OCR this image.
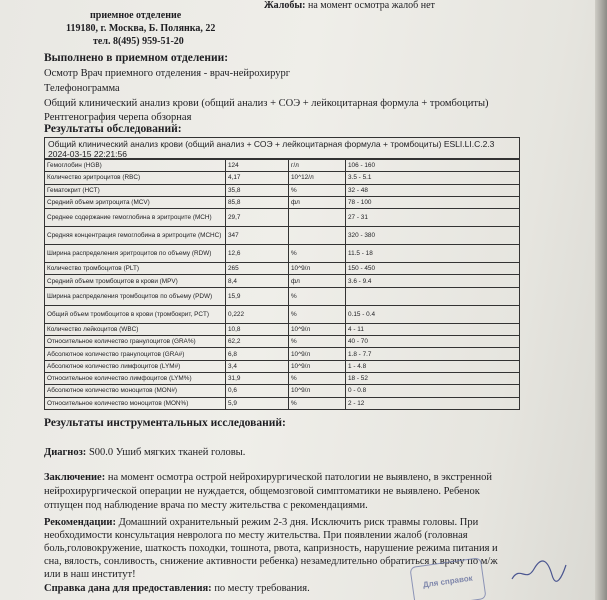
приемное отделение
119180, г. Москва, Б. Полянка, 22
тел. 8(495) 959-51-20
Жалобы: на момент осмотра жалоб нет
Выполнено в приемном отделении:
Осмотр Врач приемного отделения - врач-нейрохирург
Телефонограмма
Общий клинический анализ крови (общий анализ + СОЭ + лейкоцитарная формула + тромбоциты)
Рентгенография черепа обзорная
Результаты обследований:
Общий клинический анализ крови (общий анализ + СОЭ + лейкоцитарная формула + тромбоциты) ESLI.LI.C.2.3
2024-03-15 22:21:56
Гемоглобин (HGB)	124	г/л	106 - 160
Количество эритроцитов (RBC)	4,17	10^12/л	3.5 - 5.1
Гематокрит (HCT)	35,8	%	32 - 48
Средний объем эритроцита (MCV)	85,8	фл	78 - 100
Среднее содержание гемоглобина в эритроците (MCH)	29,7		27 - 31
Средняя концентрация гемоглобина в эритроците (MCHC)	347		320 - 380
Ширина распределения эритроцитов по объему (RDW)	12,6	%	11.5 - 18
Количество тромбоцитов (PLT)	265	10^9/л	150 - 450
Средний объем тромбоцитов в крови (MPV)	8,4	фл	3.6 - 9.4
Ширина распределения тромбоцитов по объему (PDW)	15,9	%	
Общий объем тромбоцитов в крови (тромбокрит, PCT)	0,222	%	0.15 - 0.4
Количество лейкоцитов (WBC)	10,8	10^9/л	4 - 11
Относительное количество гранулоцитов (GRA%)	62,2	%	40 - 70
Абсолютное количество гранулоцитов (GRA#)	6,8	10^9/л	1.8 - 7.7
Абсолютное количество лимфоцитов (LYM#)	3,4	10^9/л	1 - 4.8
Относительное количество лимфоцитов (LYM%)	31,9	%	18 - 52
Абсолютное количество моноцитов (MON#)	0,6	10^9/л	0 - 0.8
Относительное количество моноцитов (MON%)	5,9	%	2 - 12
Результаты инструментальных исследований:
Диагноз: S00.0 Ушиб мягких тканей головы.
Заключение: на момент осмотра острой нейрохирургической патологии не выявлено, в экстренной
нейрохирургической операции не нуждается, общемозговой симптоматики не выявлено. Ребенок
отпущен под наблюдение врача по месту жительства с рекомендациями.
Рекомендации: Домашний охранительный режим 2-3 дня. Исключить риск травмы головы. При
необходимости консультация невролога по месту жительства. При появлении жалоб (головная
боль,головокружение, шаткость походки, тошнота, рвота, капризность, нарушение режима питания и
сна, вялость, сонливость, снижение активности ребенка) незамедлительно обратиться к врачу по м/ж
или в наш институт!
Справка дана для предоставления: по месту требования.	Для справок
